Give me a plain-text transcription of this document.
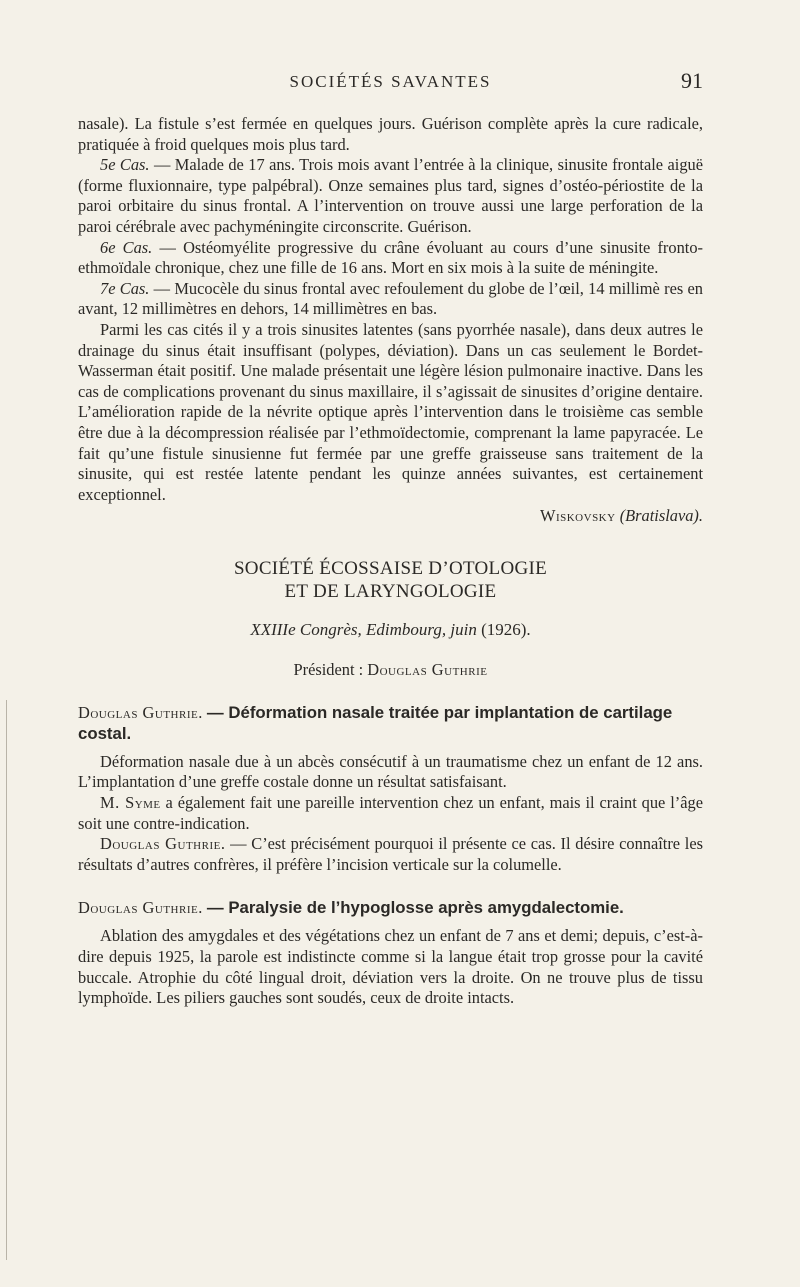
SOCIÉTÉS SAVANTES	91

nasale). La fistule s’est fermée en quelques jours. Guérison complète après la cure radicale, pratiquée à froid quelques mois plus tard.

5e Cas. — Malade de 17 ans. Trois mois avant l’entrée à la clinique, sinusite frontale aiguë (forme fluxionnaire, type palpébral). Onze semaines plus tard, signes d’ostéo-périostite de la paroi orbitaire du sinus frontal. A l’intervention on trouve aussi une large perforation de la paroi cérébrale avec pachyméningite circonscrite. Guérison.

6e Cas. — Ostéomyélite progressive du crâne évoluant au cours d’une sinusite fronto-ethmoïdale chronique, chez une fille de 16 ans. Mort en six mois à la suite de méningite.

7e Cas. — Mucocèle du sinus frontal avec refoulement du globe de l’œil, 14 millimè res en avant, 12 millimètres en dehors, 14 millimètres en bas.

Parmi les cas cités il y a trois sinusites latentes (sans pyorrhée nasale), dans deux autres le drainage du sinus était insuffisant (polypes, déviation). Dans un cas seulement le Bordet-Wasserman était positif. Une malade présentait une légère lésion pulmonaire inactive. Dans les cas de complications provenant du sinus maxillaire, il s’agissait de sinusites d’origine dentaire. L’amélioration rapide de la névrite optique après l’intervention dans le troisième cas semble être due à la décompression réalisée par l’ethmoïdectomie, comprenant la lame papyracée. Le fait qu’une fistule sinusienne fut fermée par une greffe graisseuse sans traitement de la sinusite, qui est restée latente pendant les quinze années suivantes, est certainement exceptionnel.

Wiskovsky (Bratislava).
SOCIÉTÉ ÉCOSSAISE D’OTOLOGIE
ET DE LARYNGOLOGIE
XXIIIe Congrès, Edimbourg, juin (1926).
Président : Douglas Guthrie
Douglas Guthrie. — Déformation nasale traitée par implantation de cartilage costal.

Déformation nasale due à un abcès consécutif à un traumatisme chez un enfant de 12 ans. L’implantation d’une greffe costale donne un résultat satisfaisant.

M. Syme a également fait une pareille intervention chez un enfant, mais il craint que l’âge soit une contre-indication.

Douglas Guthrie. — C’est précisément pourquoi il présente ce cas. Il désire connaître les résultats d’autres confrères, il préfère l’incision verticale sur la columelle.

Douglas Guthrie. — Paralysie de l’hypoglosse après amygdalectomie.

Ablation des amygdales et des végétations chez un enfant de 7 ans et demi; depuis, c’est-à-dire depuis 1925, la parole est indistincte comme si la langue était trop grosse pour la cavité buccale. Atrophie du côté lingual droit, déviation vers la droite. On ne trouve plus de tissu lymphoïde. Les piliers gauches sont soudés, ceux de droite intacts.
